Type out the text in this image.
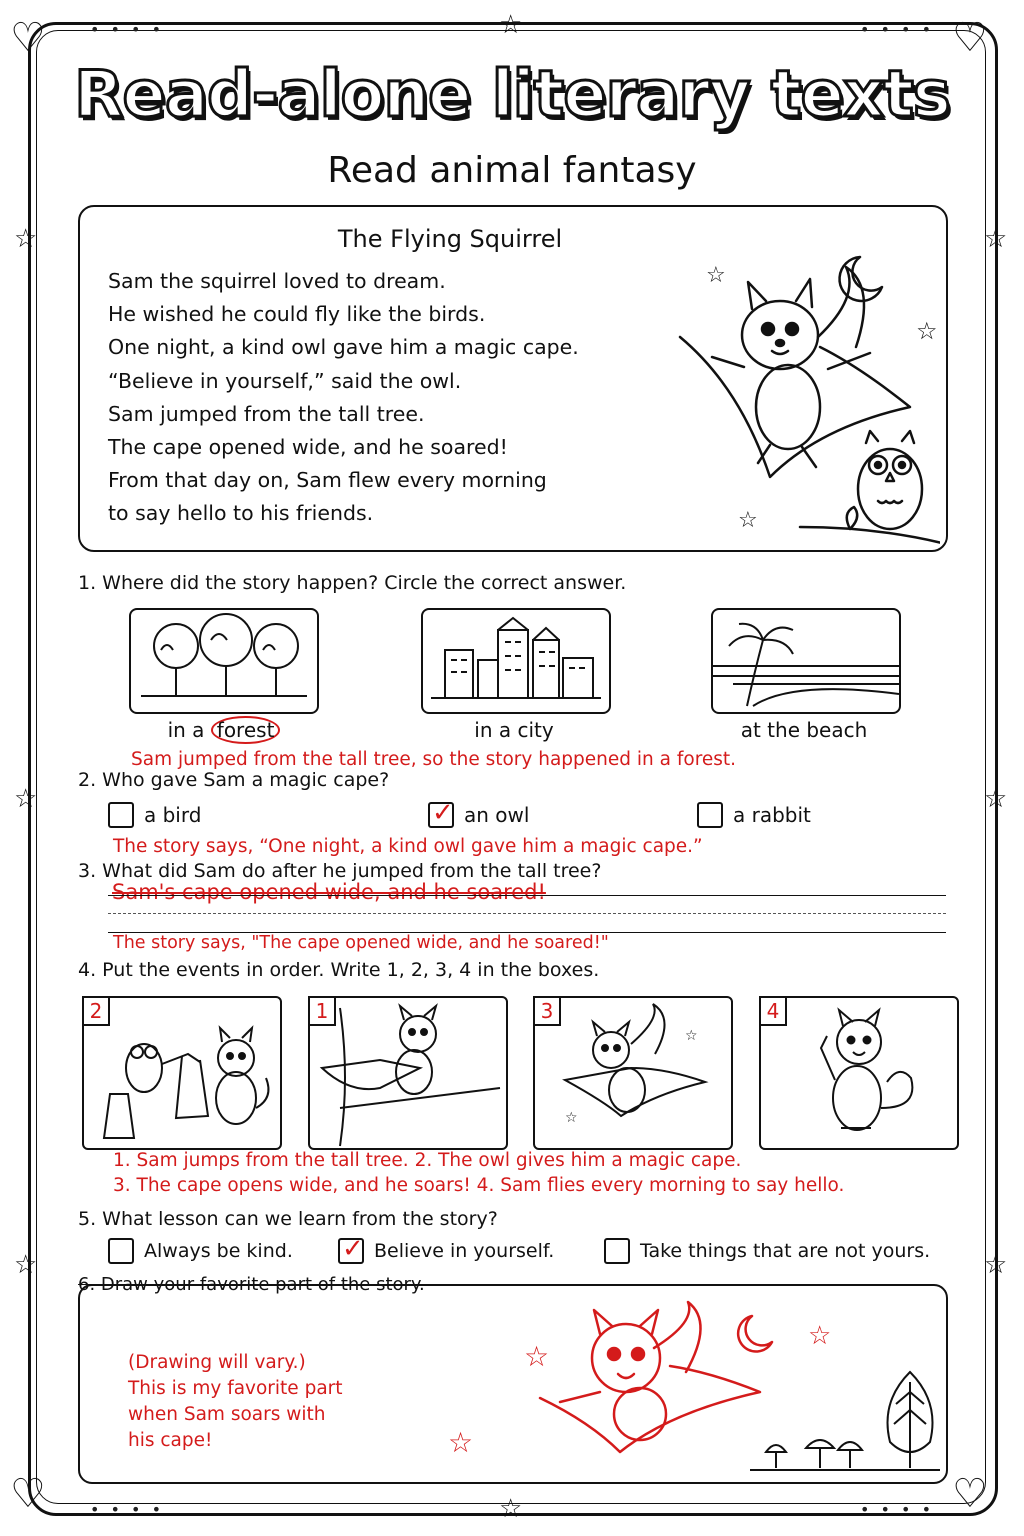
♡	♡
♡	♡
☆
☆
☆	☆
☆	☆
☆	☆
• • • •	• • • •
• • • •	• • • •
Read-alone literary texts
Read animal fantasy
The Flying Squirrel
Sam the squirrel loved to dream.
He wished he could fly like the birds.
One night, a kind owl gave him a magic cape.
“Believe in yourself,” said the owl.
Sam jumped from the tall tree.
The cape opened wide, and he soared!
From that day on, Sam flew every morning
to say hello to his friends.
☆
☆
☆
1. Where did the story happen? Circle the correct answer.
in a forest	in a city	at the beach
Sam jumped from the tall tree, so the story happened in a forest.
2. Who gave Sam a magic cape?
a bird ✓	an owl	a rabbit
The story says, “One night, a kind owl gave him a magic cape.”
3. What did Sam do after he jumped from the tall tree?
Sam's cape opened wide, and he soared!
The story says, "The cape opened wide, and he soared!"
4. Put the events in order. Write 1, 2, 3, 4 in the boxes.
2	1	3
☆
☆
4
1. Sam jumps from the tall tree. 2. The owl gives him a magic cape.
3. The cape opens wide, and he soars! 4. Sam flies every morning to say hello.
5. What lesson can we learn from the story?
Always be kind. ✓	Believe in yourself.	Take things that are not yours.
6. Draw your favorite part of the story.
(Drawing will vary.)
This is my favorite part
when Sam soars with
his cape!
☆
☆
☆
